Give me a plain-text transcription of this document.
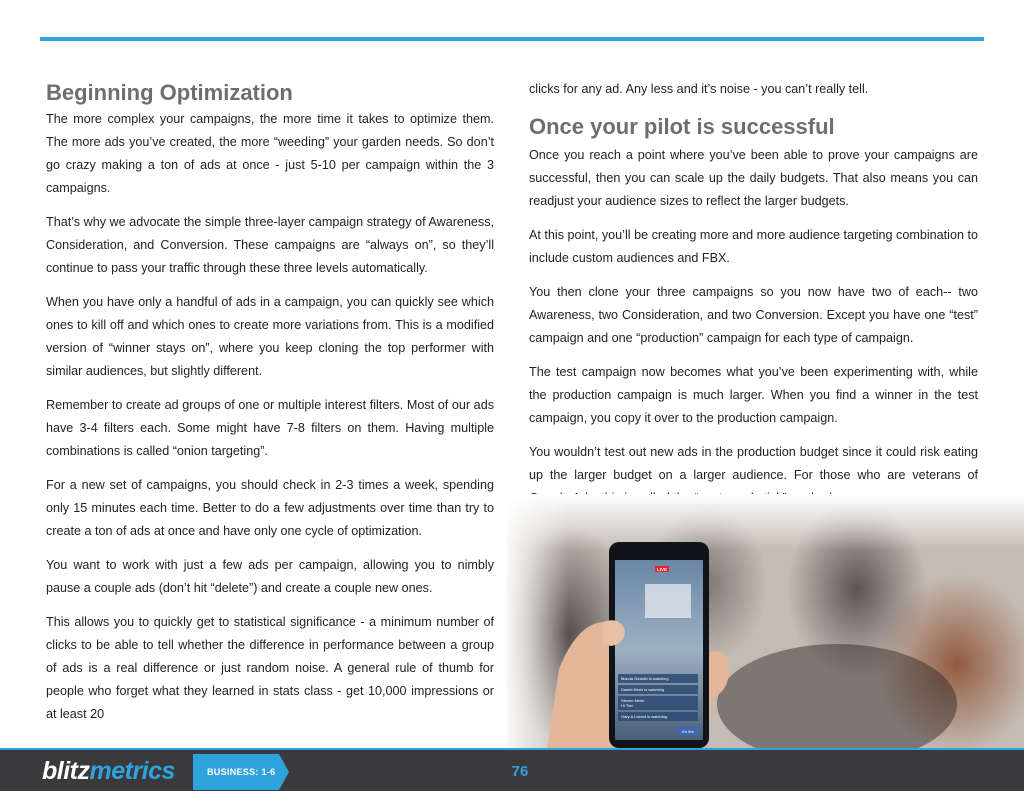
Beginning Optimization

The more complex your campaigns, the more time it takes to optimize them. The more ads you’ve created, the more “weeding” your garden needs. So don’t go crazy making a ton of ads at once - just 5-10 per campaign within the 3 campaigns.

That’s why we advocate the simple three-layer campaign strategy of Awareness, Consideration, and Conversion. These campaigns are “always on”, so they’ll continue to pass your traffic through these three levels automatically.

When you have only a handful of ads in a campaign, you can quickly see which ones to kill off and which ones to create more variations from. This is a modified version of “winner stays on”, where you keep cloning the top performer with similar audiences, but slightly different.

Remember to create ad groups of one or multiple interest filters. Most of our ads have 3-4 filters each. Some might have 7-8 filters on them. Having multiple combinations is called “onion targeting”.

For a new set of campaigns, you should check in 2-3 times a week, spending only 15 minutes each time. Better to do a few adjustments over time than try to create a ton of ads at once and have only one cycle of optimization.

You want to work with just a few ads per campaign, allowing you to nimbly pause a couple ads (don’t hit “delete”) and create a couple new ones.

This allows you to quickly get to statistical significance - a minimum number of clicks to be able to tell whether the difference in performance between a group of ads is a real difference or just random noise. A general rule of thumb for people who forget what they learned in stats class - get 10,000 impressions or at least 20

clicks for any ad. Any less and it’s noise - you can’t really tell.

Once your pilot is successful

Once you reach a point where you’ve been able to prove your campaigns are successful, then you can scale up the daily budgets. That also means you can readjust your audience sizes to reflect the larger budgets.

At this point, you’ll be creating more and more audience targeting combination to include custom audiences and FBX.

You then clone your three campaigns so you now have two of each-- two Awareness, two Consideration, and two Conversion. Except you have one “test” campaign and one “production” campaign for each type of campaign.

The test campaign now becomes what you’ve been experimenting with, while the production campaign is much larger. When you find a winner in the test campaign, you copy it over to the production campaign.

You wouldn’t test out new ads in the production budget since it could risk eating up the larger budget on a larger audience. For those who are veterans of

LIVE
Marcia Geaclin is watching
Daniel Meek is watching
Steven Meek
Hi Tim!
Gary A Lalond is watching
Go live
blitzmetrics	BUSINESS: 1-6	76
